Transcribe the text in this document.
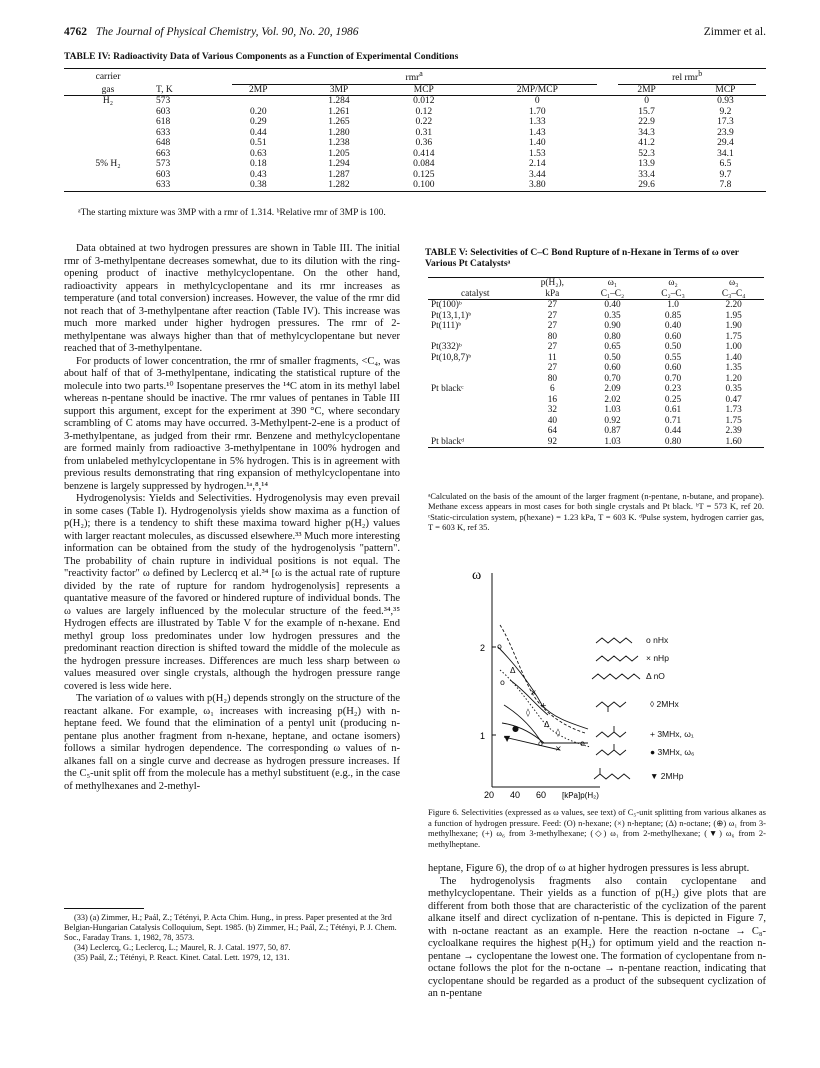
4762 The Journal of Physical Chemistry, Vol. 90, No. 20, 1986	Zimmer et al.
TABLE IV: Radioactivity Data of Various Components as a Function of Experimental Conditions
carrier		rmr$^a$				rel rmr$^b$
gas	T, K	2MP	3MP	MCP	2MP/MCP	2MP	MCP
H₂	573		1.284	0.012	0	0	0.93
	603	0.20	1.261	0.12	1.70	15.7	9.2
	618	0.29	1.265	0.22	1.33	22.9	17.3
	633	0.44	1.280	0.31	1.43	34.3	23.9
	648	0.51	1.238	0.36	1.40	41.2	29.4
	663	0.63	1.205	0.414	1.53	52.3	34.1
5% H₂	573	0.18	1.294	0.084	2.14	13.9	6.5
	603	0.43	1.287	0.125	3.44	33.4	9.7
	633	0.38	1.282	0.100	3.80	29.6	7.8
ᵃThe starting mixture was 3MP with a rmr of 1.314. ᵇRelative rmr of 3MP is 100.

Data obtained at two hydrogen pressures are shown in Table III. The initial rmr of 3-methylpentane decreases somewhat, due to its dilution with the ring-opening product of inactive methylcyclopentane. On the other hand, radioactivity appears in methylcyclopentane and its rmr increases as temperature (and total conversion) increases. However, the value of the rmr did not reach that of 3-methylpentane after reaction (Table IV). This increase was much more marked under higher hydrogen pressures. The rmr of 2-methylpentane was always higher than that of methylcyclopentane but never reached that of 3-methylpentane.

For products of lower concentration, the rmr of smaller fragments, <C₄, was about half of that of 3-methylpentane, indicating the statistical rupture of the molecule into two parts.¹⁰ Isopentane preserves the ¹⁴C atom in its methyl label whereas n-pentane should be inactive. The rmr values of pentanes in Table III support this argument, except for the experiment at 390 °C, where secondary scrambling of C atoms may have occurred. 3-Methylpent-2-ene is a product of 3-methylpentane, as judged from their rmr. Benzene and methylcyclopentane are formed mainly from radioactive 3-methylpentane in 100% hydrogen and from unlabeled methylcyclopentane in 5% hydrogen. This is in agreement with previous results demonstrating that ring expansion of methylcyclopentane into benzene is largely suppressed by hydrogen.¹ᵃ,⁸,¹⁴

Hydrogenolysis: Yields and Selectivities. Hydrogenolysis may even prevail in some cases (Table I). Hydrogenolysis yields show maxima as a function of p(H₂); there is a tendency to shift these maxima toward higher p(H₂) values with larger reactant molecules, as discussed elsewhere.³³ Much more interesting information can be obtained from the study of the hydrogenolysis "pattern". The probability of chain rupture in individual positions is not equal. The "reactivity factor" ω defined by Leclercq et al.³⁴ [ω is the actual rate of rupture divided by the rate of rupture for random hydrogenolysis] represents a quantative measure of the favored or hindered rupture of individual bonds. The ω values are largely influenced by the molecular structure of the feed.³⁴,³⁵ Hydrogen effects are illustrated by Table V for the example of n-hexane. End methyl group loss predominates under low hydrogen pressures and the predominant reaction direction is shifted toward the middle of the molecule as the hydrogen pressure increases. Differences are much less sharp between ω values measured over single crystals, although the hydrogen pressure range covered is less wide here.

The variation of ω values with p(H₂) depends strongly on the structure of the reactant alkane. For example, ω₁ increases with increasing p(H₂) with n-heptane feed. We found that the elimination of a pentyl unit (producing n-pentane plus another fragment from n-hexane, heptane, and octane isomers) follows a similar hydrogen dependence. The corresponding ω values of n-alkanes fall on a single curve and decrease as hydrogen pressure increases. If the C₅-unit split off from the molecule has a methyl substituent (e.g., in the case of methylhexanes and 2-methyl-

(33) (a) Zimmer, H.; Paál, Z.; Tétényi, P. Acta Chim. Hung., in press. Paper presented at the 3rd Belgian-Hungarian Catalysis Colloquium, Sept. 1985. (b) Zimmer, H.; Paál, Z.; Tétényi, P. J. Chem. Soc., Faraday Trans. 1, 1982, 78, 3573.

(34) Leclercq, G.; Leclercq, L.; Maurel, R. J. Catal. 1977, 50, 87.

(35) Paál, Z.; Tétényi, P. React. Kinet. Catal. Lett. 1979, 12, 131.

TABLE V: Selectivities of C–C Bond Rupture of n-Hexane in Terms of ω over Various Pt Catalystsᵃ
	p(H₂),	ω₁	ω₂	ω₃
catalyst	kPa	C₁–C₂	C₂–C₃	C₃–C₄
Pt(100)ᵇ	27	0.40	1.0	2.20
Pt(13,1,1)ᵇ	27	0.35	0.85	1.95
Pt(111)ᵇ	27	0.90	0.40	1.90
	80	0.80	0.60	1.75
Pt(332)ᵇ	27	0.65	0.50	1.00
Pt(10,8,7)ᵇ	11	0.50	0.55	1.40
	27	0.60	0.60	1.35
	80	0.70	0.70	1.20
Pt blackᶜ	6	2.09	0.23	0.35
	16	2.02	0.25	0.47
	32	1.03	0.61	1.73
	40	0.92	0.71	1.75
	64	0.87	0.44	2.39
Pt blackᵈ	92	1.03	0.80	1.60
ᵃCalculated on the basis of the amount of the larger fragment (n-pentane, n-butane, and propane). Methane excess appears in most cases for both single crystals and Pt black. ᵇT = 573 K, ref 20. ᶜStatic-circulation system, p(hexane) = 1.23 kPa, T = 603 K. ᵈPulse system, hydrogen carrier gas, T = 603 K, ref 35.
ω
2
1
20 40 60 [kPa]p(H₂)
o
Δ
o
×
+
◊
Δ
◊
o	o
×
●
▼
o nHx
× nHp
Δ nO
◊ 2MHx
+ 3MHx, ω₁
● 3MHx, ω₆
▼ 2MHp
Figure 6. Selectivities (expressed as ω values, see text) of C₅-unit splitting from various alkanes as a function of hydrogen pressure. Feed: (O) n-hexane; (×) n-heptane; (Δ) n-octane; (⊕) ω₁ from 3-methylhexane; (+) ω₆ from 3-methylhexane; (◇) ω₁ from 2-methylhexane; (▼) ω₆ from 2-methylheptane.

heptane, Figure 6), the drop of ω at higher hydrogen pressures is less abrupt.

The hydrogenolysis fragments also contain cyclopentane and methylcyclopentane. Their yields as a function of p(H₂) give plots that are different from both those that are characteristic of the cyclization of the parent alkane itself and direct cyclization of n-pentane. This is depicted in Figure 7, with n-octane reactant as an example. Here the reaction n-octane → C₈-cycloalkane requires the highest p(H₂) for optimum yield and the reaction n-pentane → cyclopentane the lowest one. The formation of cyclopentane from n-octane follows the plot for the n-octane → n-pentane reaction, indicating that cyclopentane should be regarded as a product of the subsequent cyclization of an n-pentane
